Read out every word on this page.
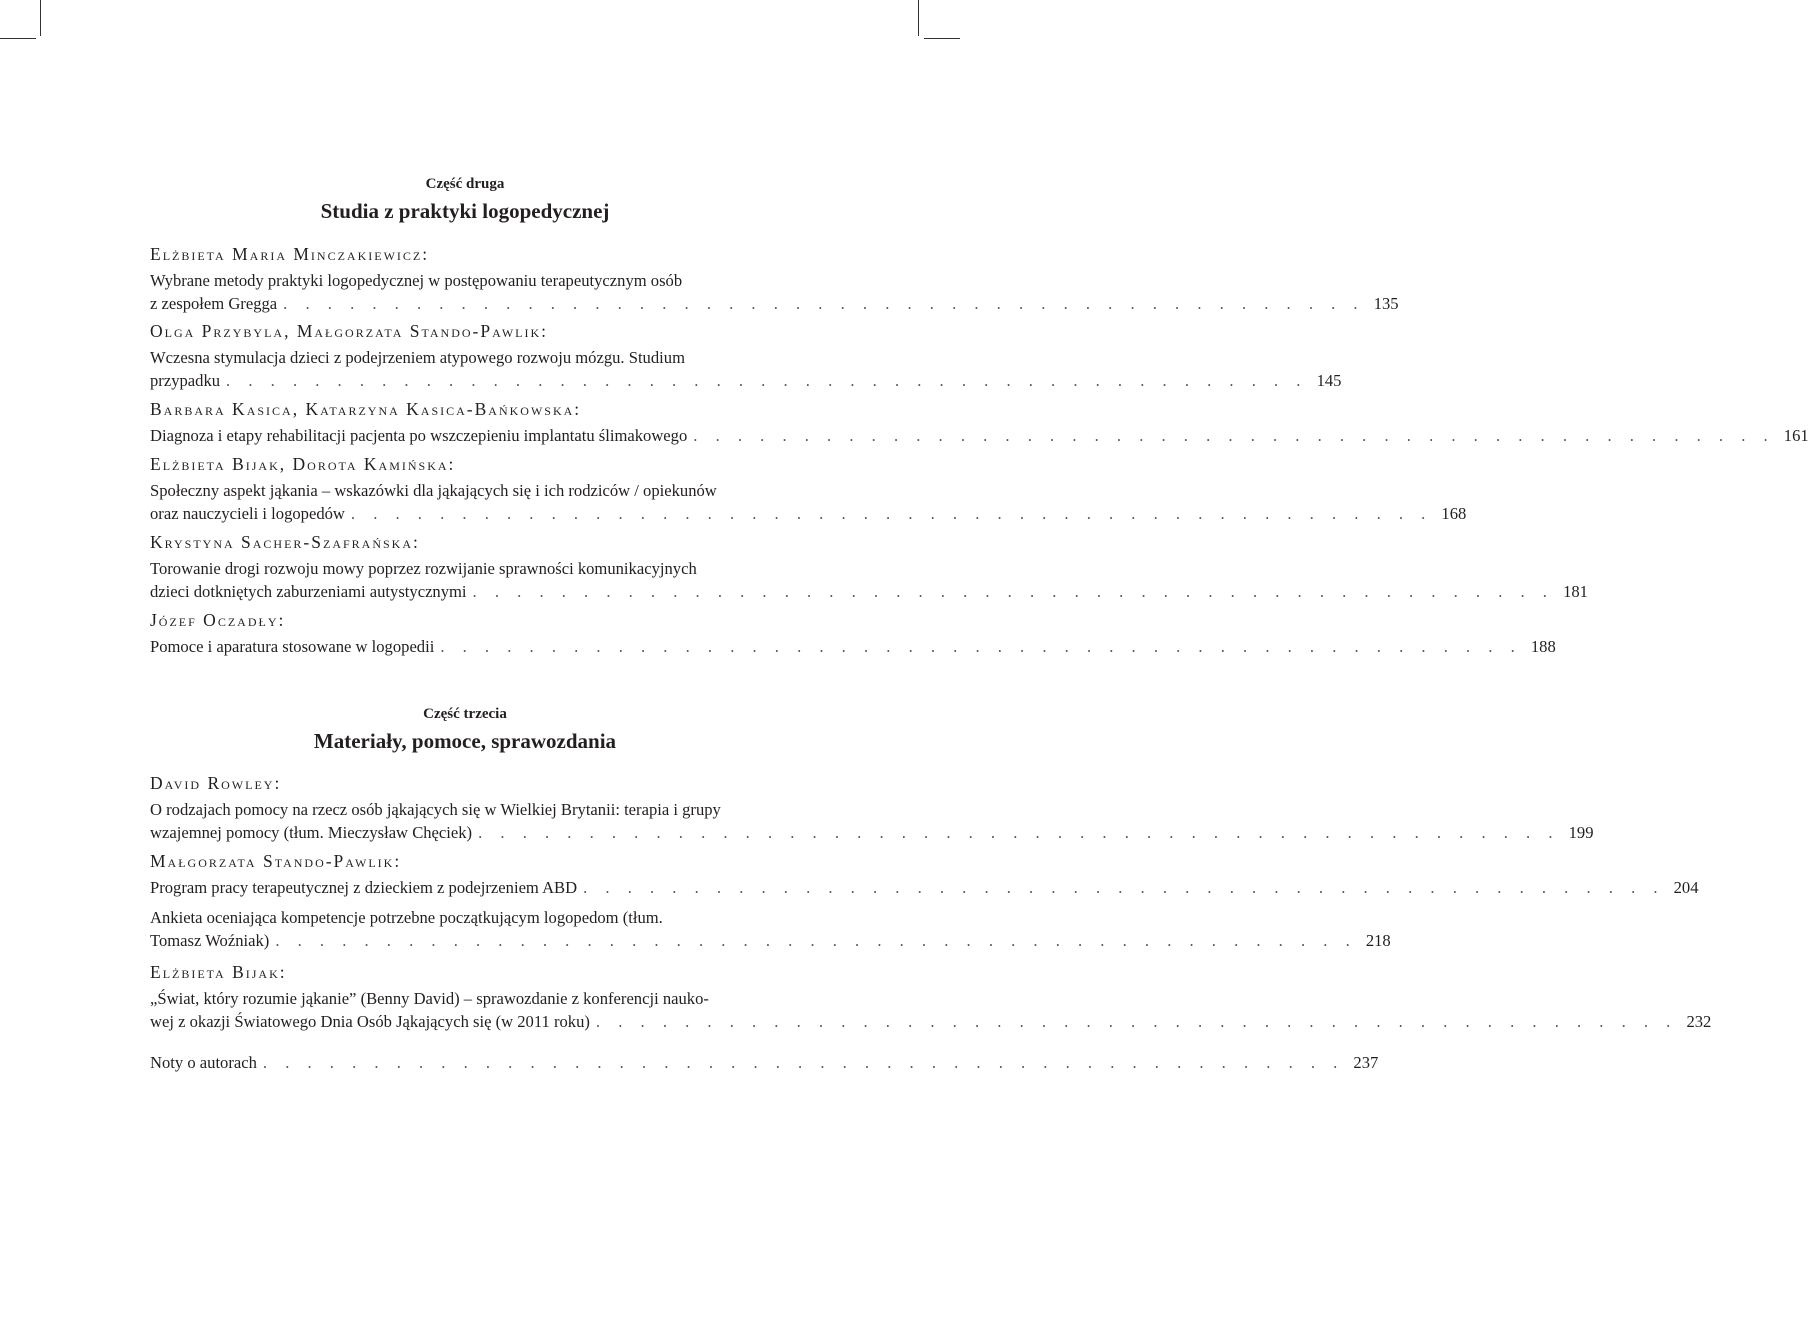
Część druga
Studia z praktyki logopedycznej
Elżbieta Maria Minczakiewicz:
Wybrane metody praktyki logopedycznej w postępowaniu terapeutycznym osób
z zespołem Gregga . . . . . . . . . . . . . . . . . . . . . . . . . . . . . . . . . . . . . . . . . . . . . . . . . 135
Olga Przybyla, Małgorzata Stando-Pawlik:
Wczesna stymulacja dzieci z podejrzeniem atypowego rozwoju mózgu. Studium
przypadku . . . . . . . . . . . . . . . . . . . . . . . . . . . . . . . . . . . . . . . . . . . . . . . . . 145
Barbara Kasica, Katarzyna Kasica-Bańkowska:
Diagnoza i etapy rehabilitacji pacjenta po wszczepieniu implantatu ślimakowego . . . . . . . . . . . . . . . . . . . . . . . . . . . . . . . . . . . . . . . . . . . . . . . . . 161
Elżbieta Bijak, Dorota Kamińska:
Społeczny aspekt jąkania – wskazówki dla jąkających się i ich rodziców / opiekunów
oraz nauczycieli i logopedów . . . . . . . . . . . . . . . . . . . . . . . . . . . . . . . . . . . . . . . . . . . . . . . . . 168
Krystyna Sacher-Szafrańska:
Torowanie drogi rozwoju mowy poprzez rozwijanie sprawności komunikacyjnych
dzieci dotkniętych zaburzeniami autystycznymi . . . . . . . . . . . . . . . . . . . . . . . . . . . . . . . . . . . . . . . . . . . . . . . . . 181
Józef Oczadły:
Pomoce i aparatura stosowane w logopedii . . . . . . . . . . . . . . . . . . . . . . . . . . . . . . . . . . . . . . . . . . . . . . . . . 188
Część trzecia
Materiały, pomoce, sprawozdania
David Rowley:
O rodzajach pomocy na rzecz osób jąkających się w Wielkiej Brytanii: terapia i grupy
wzajemnej pomocy (tłum. Mieczysław Chęciek) . . . . . . . . . . . . . . . . . . . . . . . . . . . . . . . . . . . . . . . . . . . . . . . . . 199
Małgorzata Stando-Pawlik:
Program pracy terapeutycznej z dzieckiem z podejrzeniem ABD . . . . . . . . . . . . . . . . . . . . . . . . . . . . . . . . . . . . . . . . . . . . . . . . . 204
Ankieta oceniająca kompetencje potrzebne początkującym logopedom (tłum.
Tomasz Woźniak) . . . . . . . . . . . . . . . . . . . . . . . . . . . . . . . . . . . . . . . . . . . . . . . . . 218
Elżbieta Bijak:
„Świat, który rozumie jąkanie” (Benny David) – sprawozdanie z konferencji nauko-
wej z okazji Światowego Dnia Osób Jąkających się (w 2011 roku) . . . . . . . . . . . . . . . . . . . . . . . . . . . . . . . . . . . . . . . . . . . . . . . . . 232
Noty o autorach . . . . . . . . . . . . . . . . . . . . . . . . . . . . . . . . . . . . . . . . . . . . . . . . . 237
